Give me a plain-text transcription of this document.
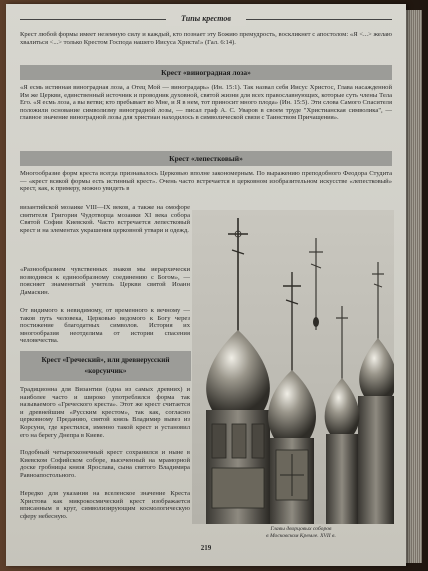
Типы крестов
Крест любой формы имеет неземную силу и каждый, кто познает эту Божию премудрость, воскликнет с апостолом: «Я <...> желаю хвалиться <...> только Крестом Господа нашего Иисуса Христа!» (Гал. 6:14).
Крест «виноградная лоза»
«Я есмь истинная виноградная лоза, а Отец Мой — виноградарь» (Ин. 15:1). Так назвал себя Иисус Христос, Глава насажденной Им же Церкви, единственный источник и проводник духовной, святой жизни для всех православнующих, которые суть члены Тела Его. «Я есмь лоза, а вы ветви; кто пребывает во Мне, и Я в нем, тот приносит много плода» (Ин. 15:5). Эти слова Самого Спасителя положили основание символизму виноградной лозы, — писал граф А. С. Уваров в своем труде "Христианская символика", — главное значение виноградной лозы для христиан находилось в символической связи с Таинством Причащения».
Крест «лепестковый»
Многообразие форм креста всегда признавалось Церковью вполне закономерным. По выражению преподобного Феодора Студита — «крест всякой формы есть истинный крест». Очень часто встречается в церковном изобразительном искусстве «лепестковый» крест, как, к примеру, можно увидеть в
византийской мозаике VIII—IX веков, а также на омофоре святителя Григория Чудотворца мозаики XI века собора Святой Софии Киевской. Часто встречается лепестковый крест и на элементах украшения церковной утвари и одежд.
«Разнообразием чувственных знаков мы иерархически возводимся к единообразному соединению с Богом», — поясняет знаменитый учитель Церкви святой Иоанн Дамаскин.
От видимого к невидимому, от временного к вечному — таков путь человека, Церковью ведомого к Богу через постижение благодатных символов. История их многообразия неотделима от истории спасения человечества.
Крест «Греческий», или древнерусский
«корсунчик»
Традиционна для Византии (одна из самых древних) и наиболее часто и широко употреблялся форма так называемого «Греческого креста». Этот же крест считается и древнейшим «Русским крестом», так как, согласно церковному Преданию, святой князь Владимир вывез из Корсуни, где крестился, именно такой крест и установил его на берегу Днепра в Киеве.
Подобный четырехконечный крест сохранился и ныне в Киевском Софийском соборе, высеченный на мраморной доске гробницы князя Ярослава, сына святого Владимира Равноапостольного.
Нередко для указания на вселенское значение Креста Христова как микрокосмический крест изображается вписанным в круг, символизирующим космологическую сферу небесную.
Главы дворцовых соборов
в Московском Кремле. XVII в.
219
